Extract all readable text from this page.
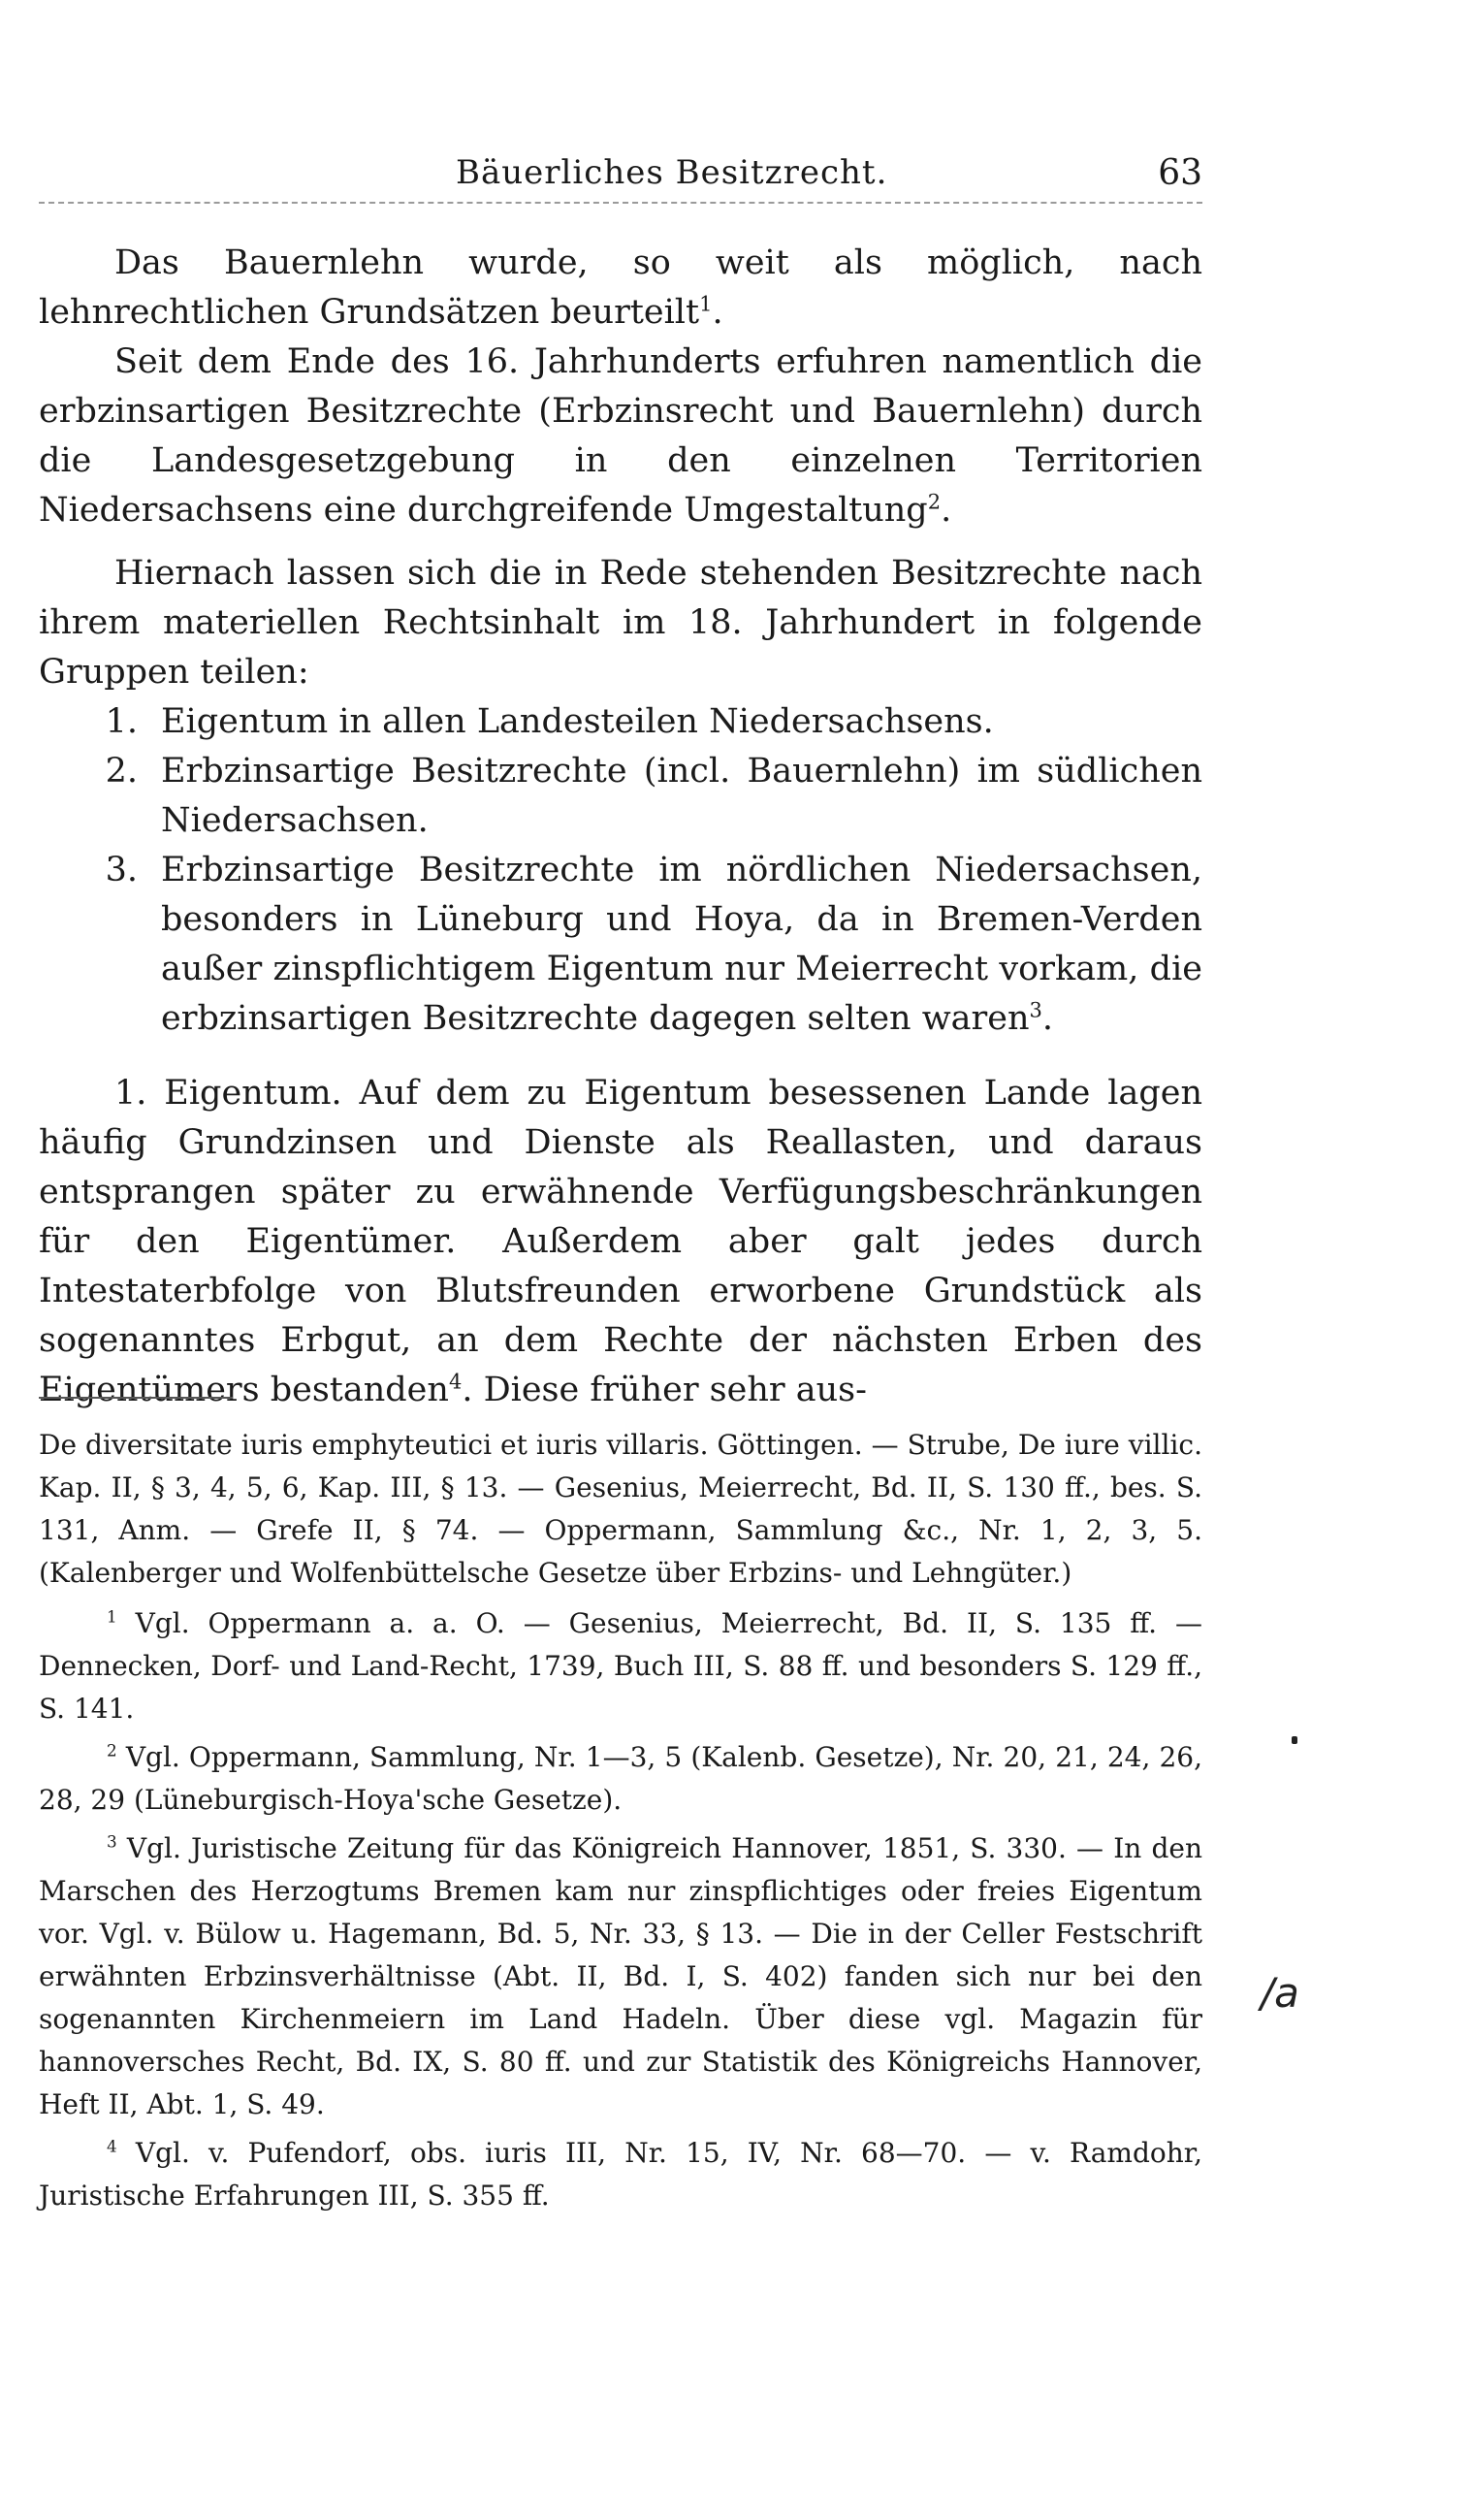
Bäuerliches Besitzrecht.	63

Das Bauernlehn wurde, so weit als möglich, nach lehnrechtlichen Grundsätzen beurteilt$^1$.

Seit dem Ende des 16. Jahrhunderts erfuhren namentlich die erbzinsartigen Besitzrechte (Erbzinsrecht und Bauernlehn) durch die Landesgesetzgebung in den einzelnen Territorien Niedersachsens eine durchgreifende Umgestaltung$^2$.

Hiernach lassen sich die in Rede stehenden Besitzrechte nach ihrem materiellen Rechtsinhalt im 18. Jahrhundert in folgende Gruppen teilen:

1. Eigentum in allen Landesteilen Niedersachsens.
2. Erbzinsartige Besitzrechte (incl. Bauernlehn) im südlichen Niedersachsen.
3. Erbzinsartige Besitzrechte im nördlichen Niedersachsen, besonders in Lüneburg und Hoya, da in Bremen-Verden außer zinspflichtigem Eigentum nur Meierrecht vorkam, die erbzinsartigen Besitzrechte dagegen selten waren$^3$.

1. Eigentum. Auf dem zu Eigentum besessenen Lande lagen häufig Grundzinsen und Dienste als Reallasten, und daraus entsprangen später zu erwähnende Verfügungsbeschränkungen für den Eigentümer. Außerdem aber galt jedes durch Intestaterbfolge von Blutsfreunden erworbene Grundstück als sogenanntes Erbgut, an dem Rechte der nächsten Erben des Eigentümers bestanden$^4$. Diese früher sehr aus-

De diversitate iuris emphyteutici et iuris villaris. Göttingen. — Strube, De iure villic. Kap. II, § 3, 4, 5, 6, Kap. III, § 13. — Gesenius, Meierrecht, Bd. II, S. 130 ff., bes. S. 131, Anm. — Grefe II, § 74. — Oppermann, Sammlung &c., Nr. 1, 2, 3, 5. (Kalenberger und Wolfenbüttelsche Gesetze über Erbzins- und Lehngüter.)

$^1$ Vgl. Oppermann a. a. O. — Gesenius, Meierrecht, Bd. II, S. 135 ff. — Dennecken, Dorf- und Land-Recht, 1739, Buch III, S. 88 ff. und besonders S. 129 ff., S. 141.

$^2$ Vgl. Oppermann, Sammlung, Nr. 1—3, 5 (Kalenb. Gesetze), Nr. 20, 21, 24, 26, 28, 29 (Lüneburgisch-Hoya'sche Gesetze).

$^3$ Vgl. Juristische Zeitung für das Königreich Hannover, 1851, S. 330. — In den Marschen des Herzogtums Bremen kam nur zinspflichtiges oder freies Eigentum vor. Vgl. v. Bülow u. Hagemann, Bd. 5, Nr. 33, § 13. — Die in der Celler Festschrift erwähnten Erbzinsverhältnisse (Abt. II, Bd. I, S. 402) fanden sich nur bei den sogenannten Kirchenmeiern im Land Hadeln. Über diese vgl. Magazin für hannoversches Recht, Bd. IX, S. 80 ff. und zur Statistik des Königreichs Hannover, Heft II, Abt. 1, S. 49.

$^4$ Vgl. v. Pufendorf, obs. iuris III, Nr. 15, IV, Nr. 68—70. — v. Ramdohr, Juristische Erfahrungen III, S. 355 ff.

/a
